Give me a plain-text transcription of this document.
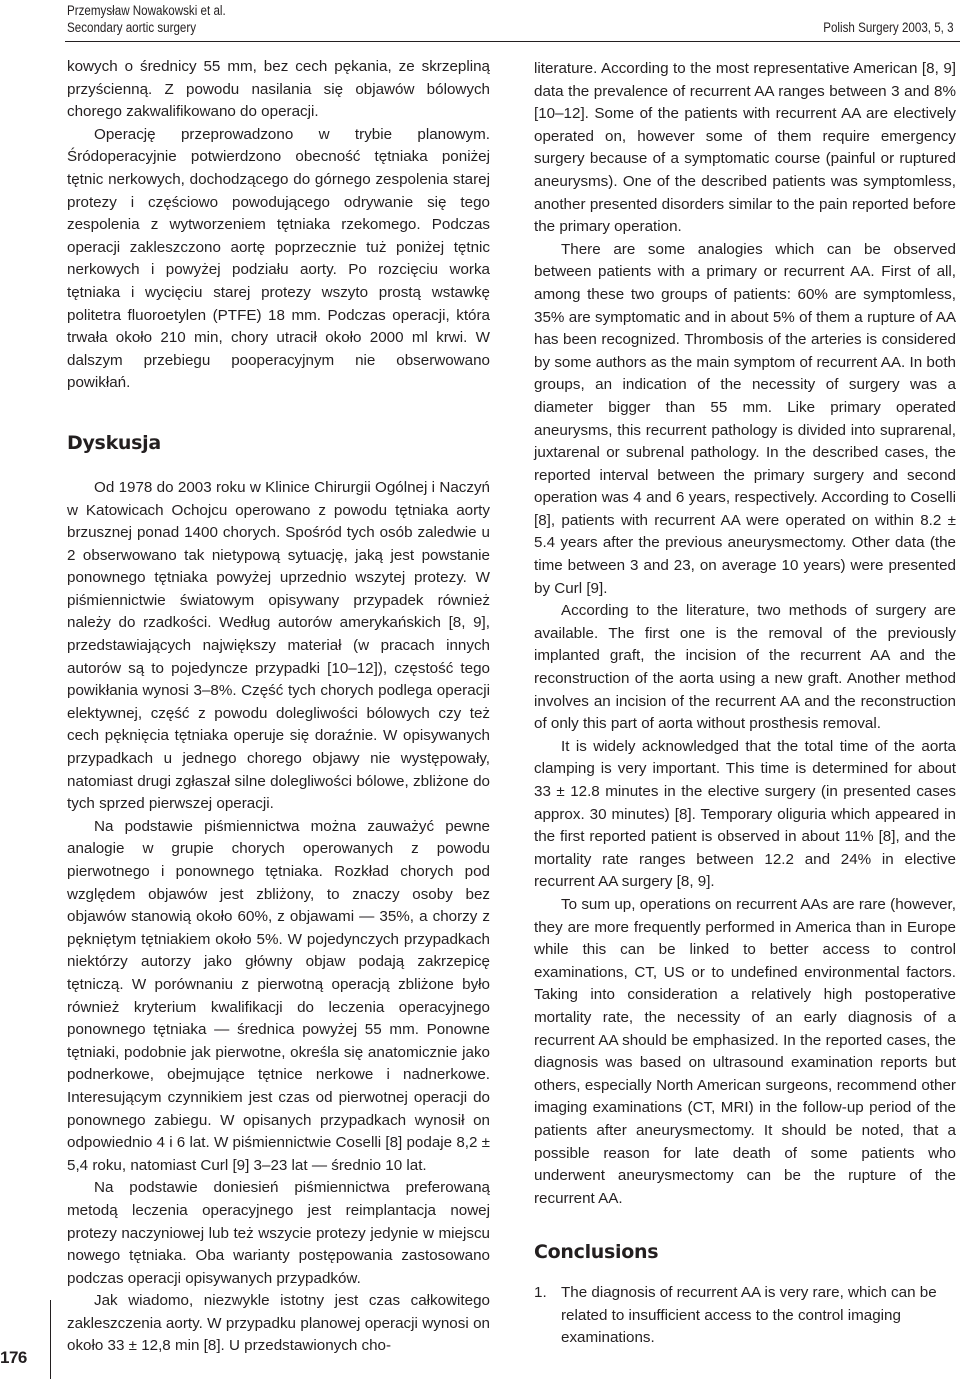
Przemysław Nowakowski et al.
Secondary aortic surgery	Polish Surgery 2003, 5, 3

kowych o średnicy 55 mm, bez cech pękania, ze skrzepliną przyścienną. Z powodu nasilania się objawów bólowych chorego zakwalifikowano do operacji.

Operację przeprowadzono w trybie planowym. Śródoperacyjnie potwierdzono obecność tętniaka poniżej tętnic nerkowych, dochodzącego do górnego zespolenia starej protezy i częściowo powodującego odrywanie się tego zespolenia z wytworzeniem tętniaka rzekomego. Podczas operacji zakleszczono aortę poprzecznie tuż poniżej tętnic nerkowych i powyżej podziału aorty. Po rozcięciu worka tętniaka i wycięciu starej protezy wszyto prostą wstawkę politetra fluoroetylen (PTFE) 18 mm. Podczas operacji, która trwała około 210 min, chory utracił około 2000 ml krwi. W dalszym przebiegu pooperacyjnym nie obserwowano powikłań.

Dyskusja

Od 1978 do 2003 roku w Klinice Chirurgii Ogólnej i Naczyń w Katowicach Ochojcu operowano z powodu tętniaka aorty brzusznej ponad 1400 chorych. Spośród tych osób zaledwie u 2 obserwowano tak nietypową sytuację, jaką jest powstanie ponownego tętniaka powyżej uprzednio wszytej protezy. W piśmiennictwie światowym opisywany przypadek również należy do rzadkości. Według autorów amerykańskich [8, 9], przedstawiających największy materiał (w pracach innych autorów są to pojedyncze przypadki [10–12]), częstość tego powikłania wynosi 3–8%. Część tych chorych podlega operacji elektywnej, część z powodu dolegliwości bólowych czy też cech pęknięcia tętniaka operuje się doraźnie. W opisywanych przypadkach u jednego chorego objawy nie występowały, natomiast drugi zgłaszał silne dolegliwości bólowe, zbliżone do tych sprzed pierwszej operacji.

Na podstawie piśmiennictwa można zauważyć pewne analogie w grupie chorych operowanych z powodu pierwotnego i ponownego tętniaka. Rozkład chorych pod względem objawów jest zbliżony, to znaczy osoby bez objawów stanowią około 60%, z objawami — 35%, a chorzy z pękniętym tętniakiem około 5%. W pojedynczych przypadkach niektórzy autorzy jako główny objaw podają zakrzepicę tętniczą. W porównaniu z pierwotną operacją zbliżone było również kryterium kwalifikacji do leczenia operacyjnego ponownego tętniaka — średnica powyżej 55 mm. Ponowne tętniaki, podobnie jak pierwotne, określa się anatomicznie jako podnerkowe, obejmujące tętnice nerkowe i nadnerkowe. Interesującym czynnikiem jest czas od pierwotnej operacji do ponownego zabiegu. W opisanych przypadkach wynosił on odpowiednio 4 i 6 lat. W piśmiennictwie Coselli [8] podaje 8,2 ± 5,4 roku, natomiast Curl [9] 3–23 lat — średnio 10 lat.

Na podstawie doniesień piśmiennictwa preferowaną metodą leczenia operacyjnego jest reimplantacja nowej protezy naczyniowej lub też wszycie protezy jedynie w miejscu nowego tętniaka. Oba warianty postępowania zastosowano podczas operacji opisywanych przypadków.

Jak wiadomo, niezwykle istotny jest czas całkowitego zakleszczenia aorty. W przypadku planowej operacji wynosi on około 33 ± 12,8 min [8]. U przedstawionych cho-

literature. According to the most representative American [8, 9] data the prevalence of recurrent AA ranges between 3 and 8% [10–12]. Some of the patients with recurrent AA are electively operated on, however some of them require emergency surgery because of a symptomatic course (painful or ruptured aneurysms). One of the described patients was symptomless, another presented disorders similar to the pain reported before the primary operation.

There are some analogies which can be observed between patients with a primary or recurrent AA. First of all, among these two groups of patients: 60% are symptomless, 35% are symptomatic and in about 5% of them a rupture of AA has been recognized. Thrombosis of the arteries is considered by some authors as the main symptom of recurrent AA. In both groups, an indication of the necessity of surgery was a diameter bigger than 55 mm. Like primary operated aneurysms, this recurrent pathology is divided into suprarenal, juxtarenal or subrenal pathology. In the described cases, the reported interval between the primary surgery and second operation was 4 and 6 years, respectively. According to Coselli [8], patients with recurrent AA were operated on within 8.2 ± 5.4 years after the previous aneurysmectomy. Other data (the time between 3 and 23, on average 10 years) were presented by Curl [9].

According to the literature, two methods of surgery are available. The first one is the removal of the previously implanted graft, the incision of the recurrent AA and the reconstruction of the aorta using a new graft. Another method involves an incision of the recurrent AA and the reconstruction of only this part of aorta without prosthesis removal.

It is widely acknowledged that the total time of the aorta clamping is very important. This time is determined for about 33 ± 12.8 minutes in the elective surgery (in presented cases approx. 30 minutes) [8]. Temporary oliguria which appeared in the first reported patient is observed in about 11% [8], and the mortality rate ranges between 12.2 and 24% in elective recurrent AA surgery [8, 9].

To sum up, operations on recurrent AAs are rare (however, they are more frequently performed in America than in Europe while this can be linked to better access to control examinations, CT, US or to undefined environmental factors. Taking into consideration a relatively high postoperative mortality rate, the necessity of an early diagnosis of a recurrent AA should be emphasized. In the reported cases, the diagnosis was based on ultrasound examination reports but others, especially North American surgeons, recommend other imaging examinations (CT, MRI) in the follow-up period of the patients after aneurysmectomy. It should be noted, that a possible reason for late death of some patients who underwent aneurysmectomy can be the rupture of the recurrent AA.

Conclusions
1. The diagnosis of recurrent AA is very rare, which can be related to insufficient access to the control imaging examinations.
176
